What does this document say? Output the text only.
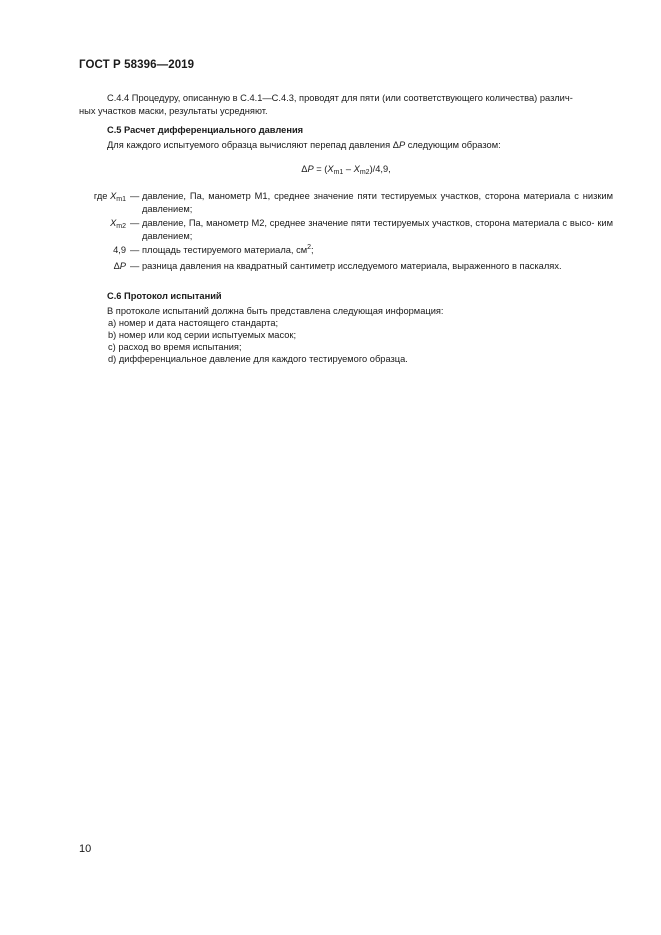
ГОСТ Р 58396—2019
С.4.4 Процедуру, описанную в С.4.1—С.4.3, проводят для пяти (или соответствующего количества) различ-
ных участков маски, результаты усредняют.
С.5 Расчет дифференциального давления
Для каждого испытуемого образца вычисляют перепад давления ΔP следующим образом:
$\Delta P = (X_{m1} - X_{m2})/4,9$,
где $X_{m1}$ — давление, Па, манометр М1, среднее значение пяти тестируемых участков, сторона материала с низким давлением;
$X_{m2}$ — давление, Па, манометр М2, среднее значение пяти тестируемых участков, сторона материала с высо- ким давлением;
4,9 — площадь тестируемого материала, $см^2$;
ΔP — разница давления на квадратный сантиметр исследуемого материала, выраженного в паскалях.
С.6 Протокол испытаний
В протоколе испытаний должна быть представлена следующая информация:
a) номер и дата настоящего стандарта;
b) номер или код серии испытуемых масок;
c) расход во время испытания;
d) дифференциальное давление для каждого тестируемого образца.
10
